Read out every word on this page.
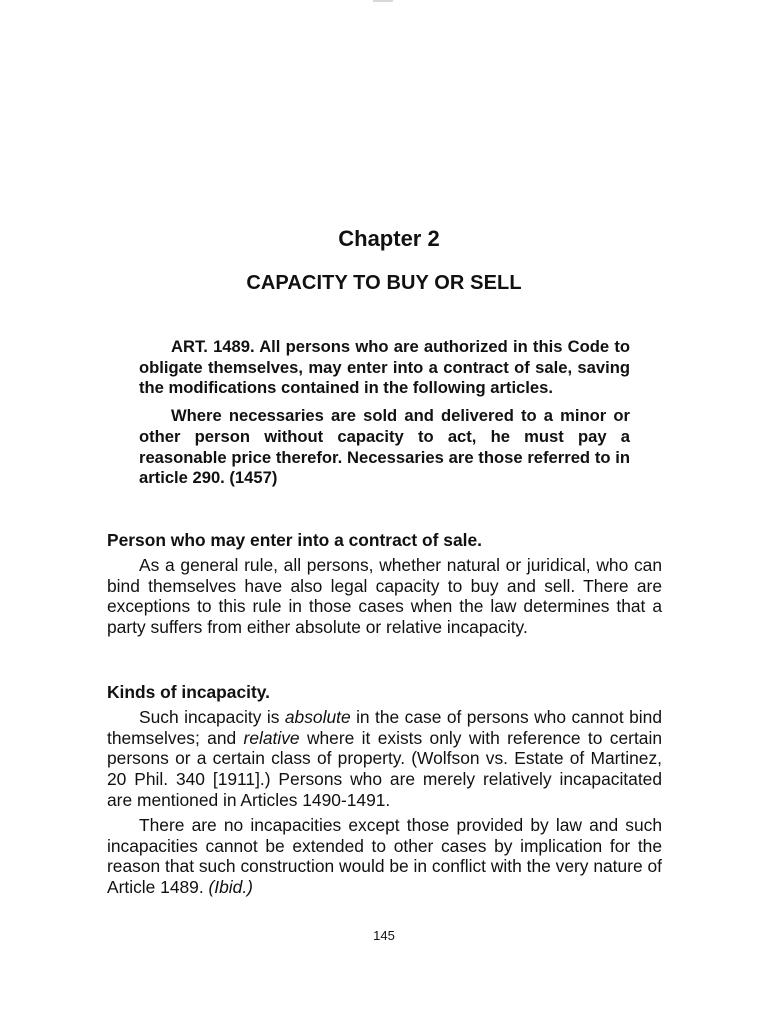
Chapter 2
CAPACITY TO BUY OR SELL

ART. 1489. All persons who are authorized in this Code to obligate themselves, may enter into a contract of sale, saving the modifications contained in the following articles.

Where necessaries are sold and delivered to a minor or other person without capacity to act, he must pay a reasonable price therefor. Necessaries are those referred to in article 290. (1457)

Person who may enter into a contract of sale.

As a general rule, all persons, whether natural or juridical, who can bind themselves have also legal capacity to buy and sell. There are exceptions to this rule in those cases when the law determines that a party suffers from either absolute or relative incapacity.

Kinds of incapacity.

Such incapacity is absolute in the case of persons who cannot bind themselves; and relative where it exists only with reference to certain persons or a certain class of property. (Wolfson vs. Estate of Martinez, 20 Phil. 340 [1911].) Persons who are merely relatively incapacitated are mentioned in Articles 1490-1491.

There are no incapacities except those provided by law and such incapacities cannot be extended to other cases by implication for the reason that such construction would be in conflict with the very nature of Article 1489. (Ibid.)

145
